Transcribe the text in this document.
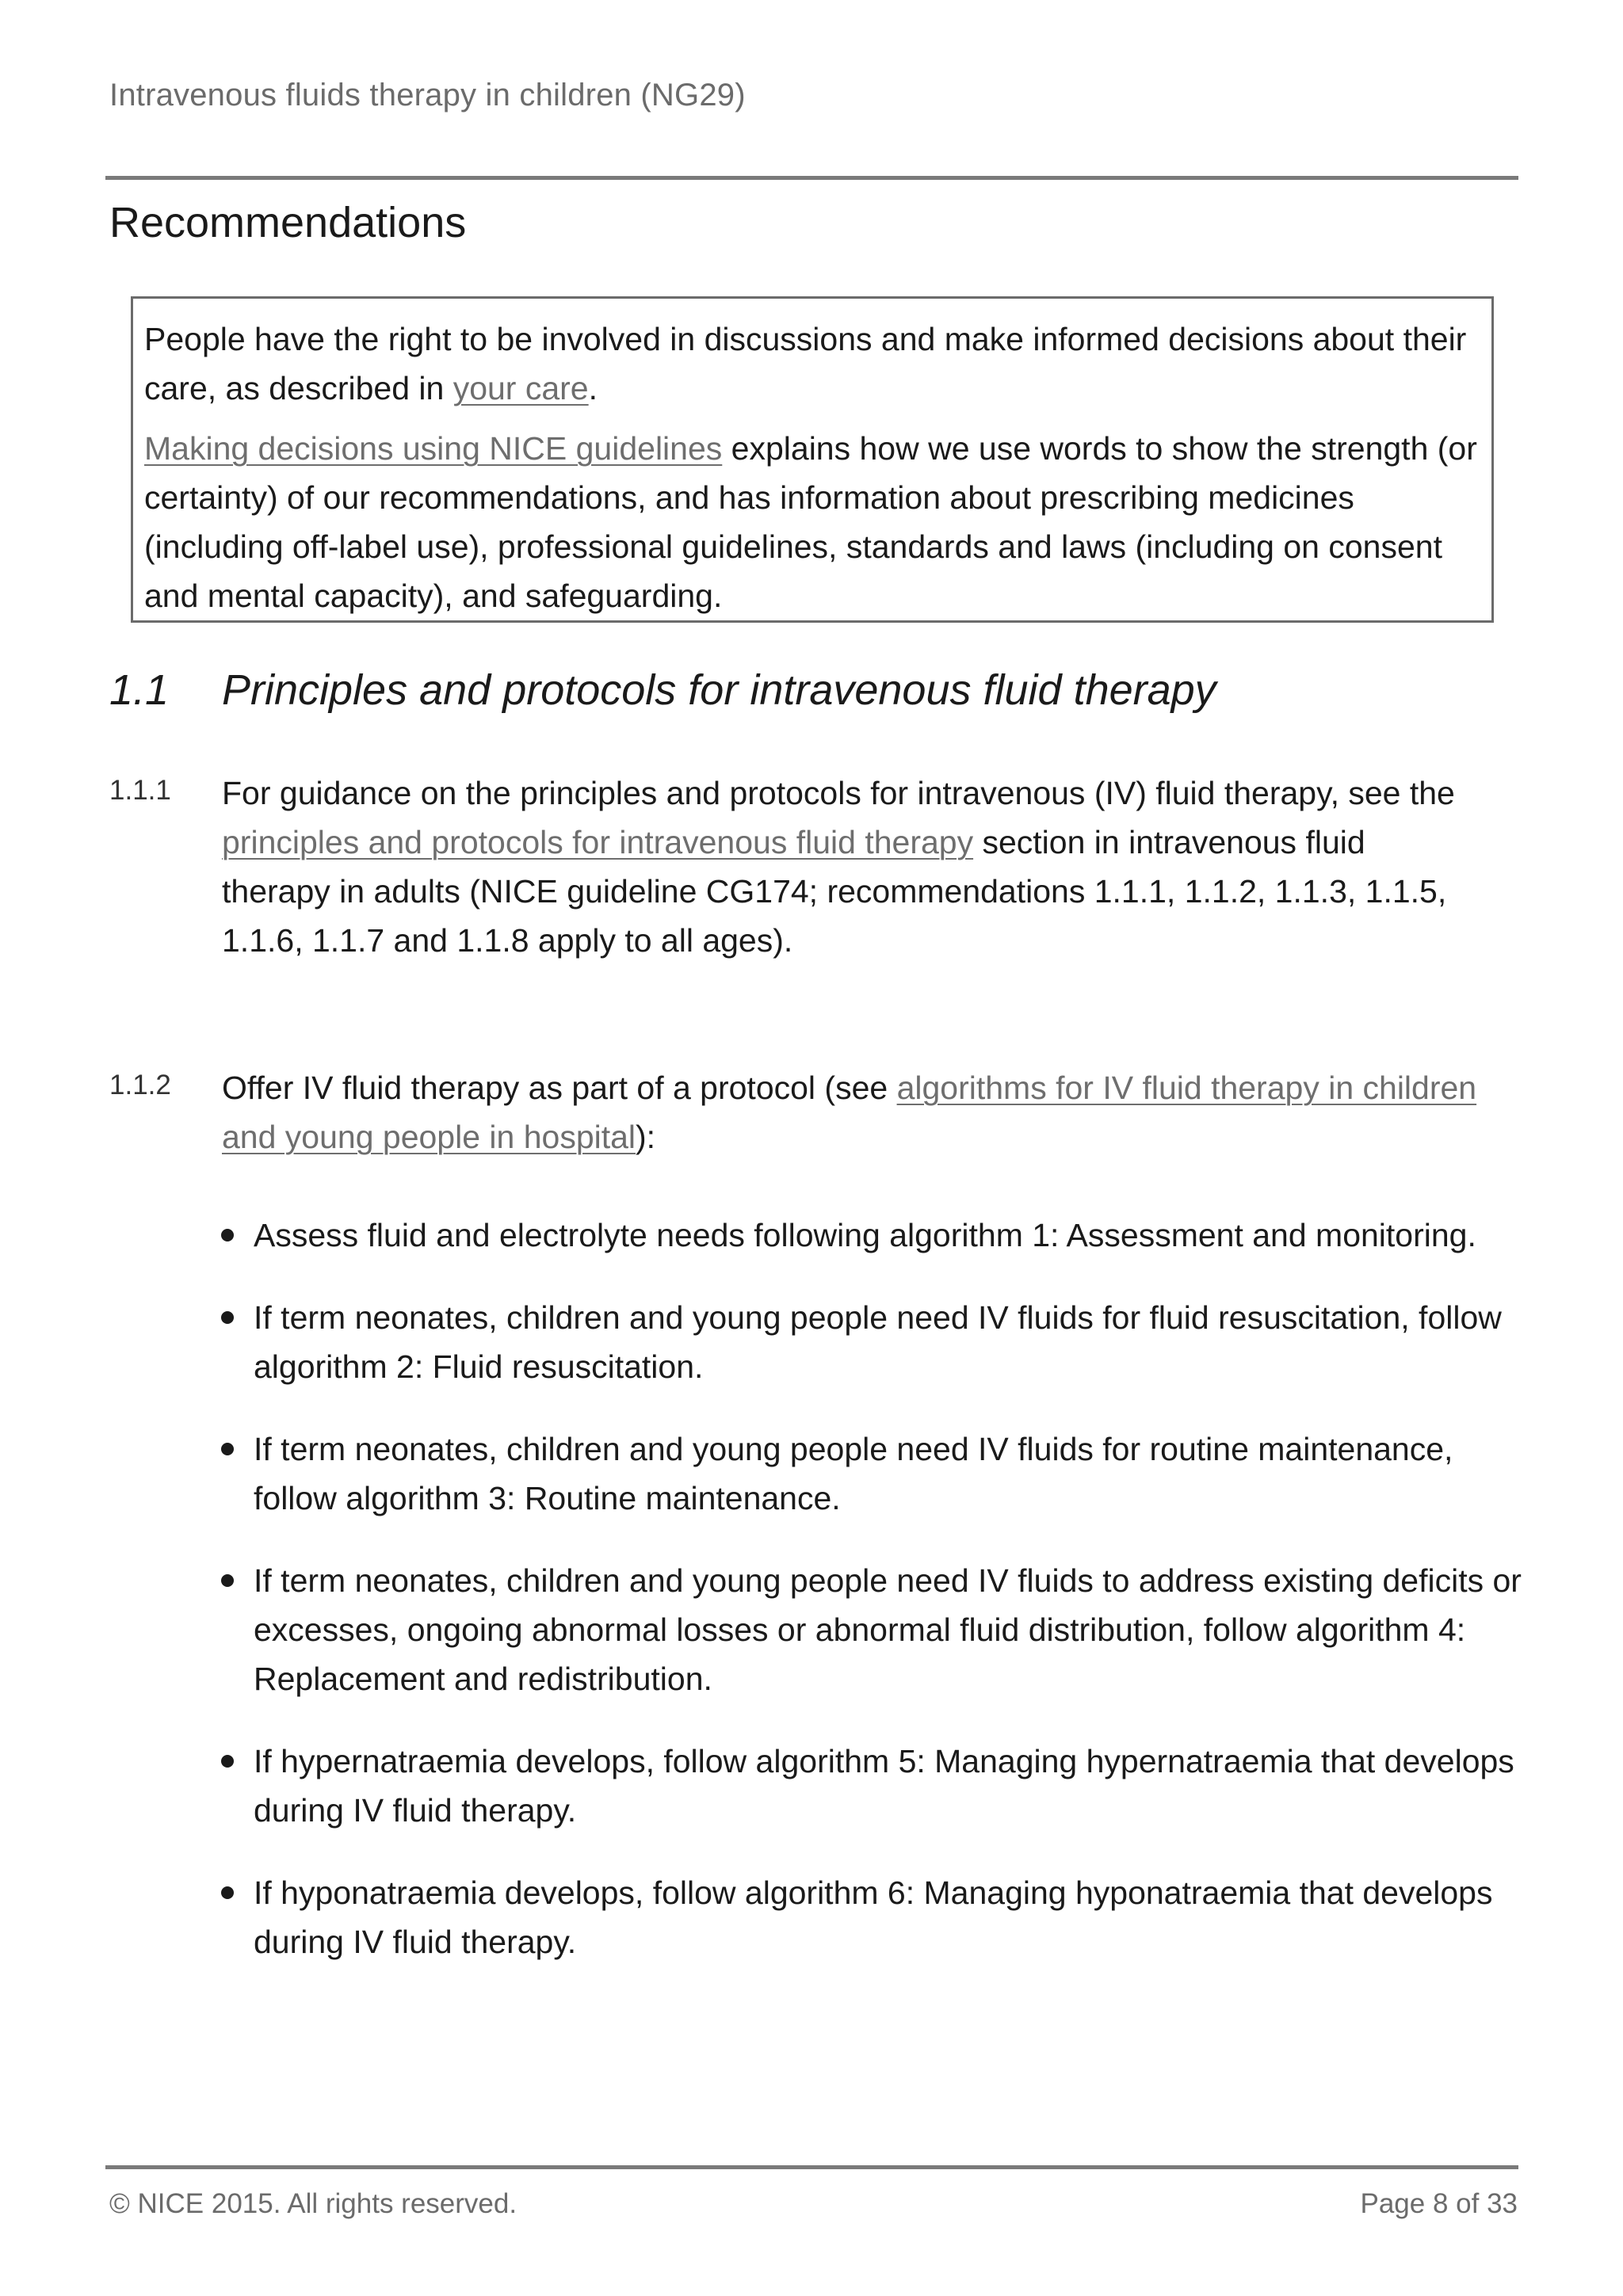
Intravenous fluids therapy in children (NG29)
Recommendations

People have the right to be involved in discussions and make informed decisions about their care, as described in your care.

Making decisions using NICE guidelines explains how we use words to show the strength (or certainty) of our recommendations, and has information about prescribing medicines (including off-label use), professional guidelines, standards and laws (including on consent and mental capacity), and safeguarding.

1.1 Principles and protocols for intravenous fluid therapy
1.1.1 For guidance on the principles and protocols for intravenous (IV) fluid therapy, see the principles and protocols for intravenous fluid therapy section in intravenous fluid therapy in adults (NICE guideline CG174; recommendations 1.1.1, 1.1.2, 1.1.3, 1.1.5, 1.1.6, 1.1.7 and 1.1.8 apply to all ages).
1.1.2 Offer IV fluid therapy as part of a protocol (see algorithms for IV fluid therapy in children and young people in hospital):
Assess fluid and electrolyte needs following algorithm 1: Assessment and monitoring.
If term neonates, children and young people need IV fluids for fluid resuscitation, follow algorithm 2: Fluid resuscitation.
If term neonates, children and young people need IV fluids for routine maintenance, follow algorithm 3: Routine maintenance.
If term neonates, children and young people need IV fluids to address existing deficits or excesses, ongoing abnormal losses or abnormal fluid distribution, follow algorithm 4: Replacement and redistribution.
If hypernatraemia develops, follow algorithm 5: Managing hypernatraemia that develops during IV fluid therapy.
If hyponatraemia develops, follow algorithm 6: Managing hyponatraemia that develops during IV fluid therapy.
© NICE 2015. All rights reserved.	Page 8 of 33
